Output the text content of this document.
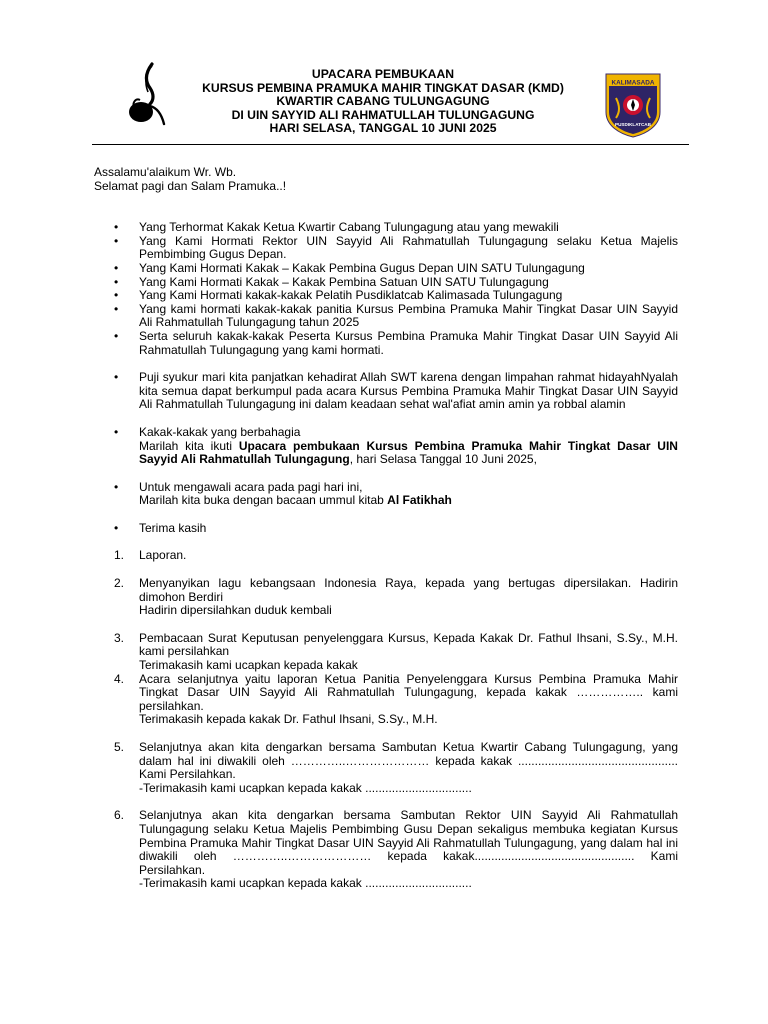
UPACARA PEMBUKAAN
KURSUS PEMBINA PRAMUKA MAHIR TINGKAT DASAR (KMD)
KWARTIR CABANG TULUNGAGUNG
DI UIN SAYYID ALI RAHMATULLAH TULUNGAGUNG
HARI SELASA, TANGGAL 10 JUNI 2025
KALIMASADA
PUSDIKLATCAB

Assalamu'alaikum Wr. Wb.

Selamat pagi dan Salam Pramuka..!

• Yang Terhormat Kakak Ketua Kwartir Cabang Tulungagung atau yang mewakili
• Yang Kami Hormati Rektor UIN Sayyid Ali Rahmatullah Tulungagung selaku Ketua Majelis Pembimbing Gugus Depan.
• Yang Kami Hormati Kakak – Kakak Pembina Gugus Depan UIN SATU Tulungagung
• Yang Kami Hormati Kakak – Kakak Pembina Satuan UIN SATU Tulungagung
• Yang Kami Hormati kakak-kakak Pelatih Pusdiklatcab Kalimasada Tulungagung
• Yang kami hormati kakak-kakak panitia Kursus Pembina Pramuka Mahir Tingkat Dasar UIN Sayyid Ali Rahmatullah Tulungagung tahun 2025
• Serta seluruh kakak-kakak Peserta Kursus Pembina Pramuka Mahir Tingkat Dasar UIN Sayyid Ali Rahmatullah Tulungagung yang kami hormati.
• Puji syukur mari kita panjatkan kehadirat Allah SWT karena dengan limpahan rahmat hidayahNyalah kita semua dapat berkumpul pada acara Kursus Pembina Pramuka Mahir Tingkat Dasar UIN Sayyid Ali Rahmatullah Tulungagung ini dalam keadaan sehat wal'afiat amin amin ya robbal alamin
• Kakak-kakak yang berbahagia
Marilah kita ikuti Upacara pembukaan Kursus Pembina Pramuka Mahir Tingkat Dasar UIN Sayyid Ali Rahmatullah Tulungagung, hari Selasa Tanggal 10 Juni 2025,
• Untuk mengawali acara pada pagi hari ini,
Marilah kita buka dengan bacaan ummul kitab Al Fatikhah
• Terima kasih
1. Laporan.
2. Menyanyikan lagu kebangsaan Indonesia Raya, kepada yang bertugas dipersilakan. Hadirin dimohon Berdiri
Hadirin dipersilahkan duduk kembali
3. Pembacaan Surat Keputusan penyelenggara Kursus, Kepada Kakak Dr. Fathul Ihsani, S.Sy., M.H. kami persilahkan
Terimakasih kami ucapkan kepada kakak
4. Acara selanjutnya yaitu laporan Ketua Panitia Penyelenggara Kursus Pembina Pramuka Mahir Tingkat Dasar UIN Sayyid Ali Rahmatullah Tulungagung, kepada kakak …………….. kami persilahkan.
Terimakasih kepada kakak Dr. Fathul Ihsani, S.Sy., M.H.
5. Selanjutnya akan kita dengarkan bersama Sambutan Ketua Kwartir Cabang Tulungagung, yang dalam hal ini diwakili oleh …………..………………… kepada kakak ................................................ Kami Persilahkan.
-Terimakasih kami ucapkan kepada kakak ................................
6. Selanjutnya akan kita dengarkan bersama Sambutan Rektor UIN Sayyid Ali Rahmatullah Tulungagung selaku Ketua Majelis Pembimbing Gusu Depan sekaligus membuka kegiatan Kursus Pembina Pramuka Mahir Tingkat Dasar UIN Sayyid Ali Rahmatullah Tulungagung, yang dalam hal ini diwakili oleh …………..………………… kepada kakak................................................ Kami Persilahkan.
-Terimakasih kami ucapkan kepada kakak ................................
